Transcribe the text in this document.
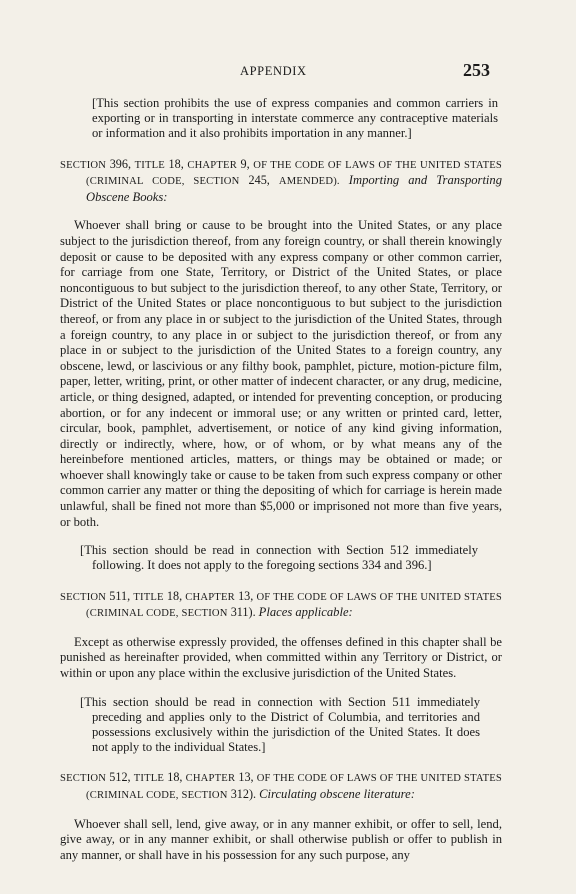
APPENDIX	253

[This section prohibits the use of express companies and common carriers in exporting or in transporting in interstate commerce any contraceptive materials or information and it also prohibits importation in any manner.]

SECTION 396, TITLE 18, CHAPTER 9, OF THE CODE OF LAWS OF THE UNITED STATES (CRIMINAL CODE, SECTION 245, AMENDED). Importing and Transporting Obscene Books:

Whoever shall bring or cause to be brought into the United States, or any place subject to the jurisdiction thereof, from any foreign country, or shall therein knowingly deposit or cause to be deposited with any express company or other common carrier, for carriage from one State, Territory, or District of the United States, or place noncontiguous to but subject to the jurisdiction thereof, to any other State, Territory, or District of the United States or place noncontiguous to but subject to the jurisdiction thereof, or from any place in or subject to the jurisdiction of the United States, through a foreign country, to any place in or subject to the jurisdiction thereof, or from any place in or subject to the jurisdiction of the United States to a foreign country, any obscene, lewd, or lascivious or any filthy book, pamphlet, picture, motion-picture film, paper, letter, writing, print, or other matter of indecent character, or any drug, medicine, article, or thing designed, adapted, or intended for preventing conception, or producing abortion, or for any indecent or immoral use; or any written or printed card, letter, circular, book, pamphlet, advertisement, or notice of any kind giving information, directly or indirectly, where, how, or of whom, or by what means any of the hereinbefore mentioned articles, matters, or things may be obtained or made; or whoever shall knowingly take or cause to be taken from such express company or other common carrier any matter or thing the depositing of which for carriage is herein made unlawful, shall be fined not more than $5,000 or imprisoned not more than five years, or both.

[This section should be read in connection with Section 512 immediately following. It does not apply to the foregoing sections 334 and 396.]

SECTION 511, TITLE 18, CHAPTER 13, OF THE CODE OF LAWS OF THE UNITED STATES (CRIMINAL CODE, SECTION 311). Places applicable:

Except as otherwise expressly provided, the offenses defined in this chapter shall be punished as hereinafter provided, when committed within any Territory or District, or within or upon any place within the exclusive jurisdiction of the United States.

[This section should be read in connection with Section 511 immediately preceding and applies only to the District of Columbia, and territories and possessions exclusively within the jurisdiction of the United States. It does not apply to the individual States.]

SECTION 512, TITLE 18, CHAPTER 13, OF THE CODE OF LAWS OF THE UNITED STATES (CRIMINAL CODE, SECTION 312). Circulating obscene literature:

Whoever shall sell, lend, give away, or in any manner exhibit, or offer to sell, lend, give away, or in any manner exhibit, or shall otherwise publish or offer to publish in any manner, or shall have in his possession for any such purpose, any
